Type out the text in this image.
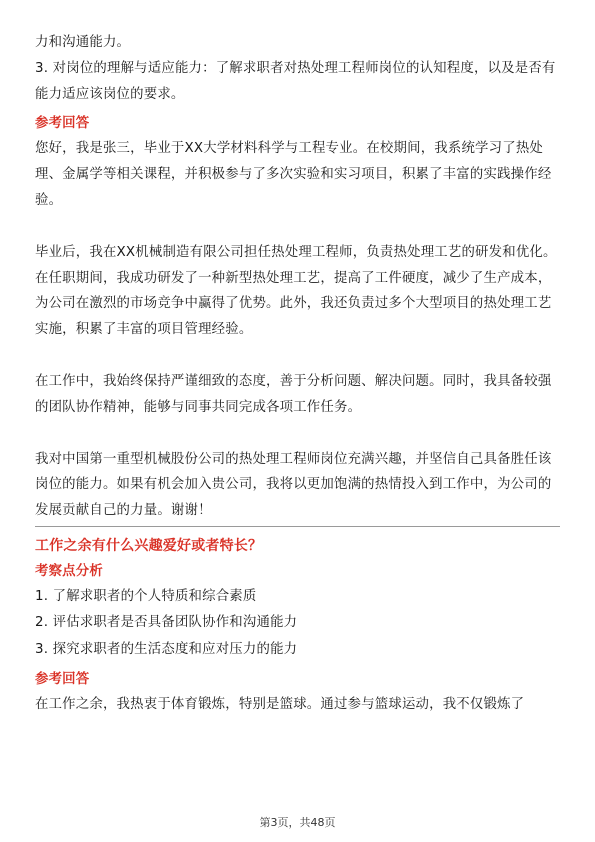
力和沟通能力。

3. 对岗位的理解与适应能力：了解求职者对热处理工程师岗位的认知程度，以及是否有能力适应该岗位的要求。

参考回答

您好，我是张三，毕业于XX大学材料科学与工程专业。在校期间，我系统学习了热处理、金属学等相关课程，并积极参与了多次实验和实习项目，积累了丰富的实践操作经验。

毕业后，我在XX机械制造有限公司担任热处理工程师，负责热处理工艺的研发和优化。在任职期间，我成功研发了一种新型热处理工艺，提高了工件硬度，减少了生产成本，为公司在激烈的市场竞争中赢得了优势。此外，我还负责过多个大型项目的热处理工艺实施，积累了丰富的项目管理经验。

在工作中，我始终保持严谨细致的态度，善于分析问题、解决问题。同时，我具备较强的团队协作精神，能够与同事共同完成各项工作任务。

我对中国第一重型机械股份公司的热处理工程师岗位充满兴趣，并坚信自己具备胜任该岗位的能力。如果有机会加入贵公司，我将以更加饱满的热情投入到工作中，为公司的发展贡献自己的力量。谢谢！

工作之余有什么兴趣爱好或者特长？

考察点分析

1. 了解求职者的个人特质和综合素质

2. 评估求职者是否具备团队协作和沟通能力

3. 探究求职者的生活态度和应对压力的能力

参考回答

在工作之余，我热衷于体育锻炼，特别是篮球。通过参与篮球运动，我不仅锻炼了

第3页，共48页
